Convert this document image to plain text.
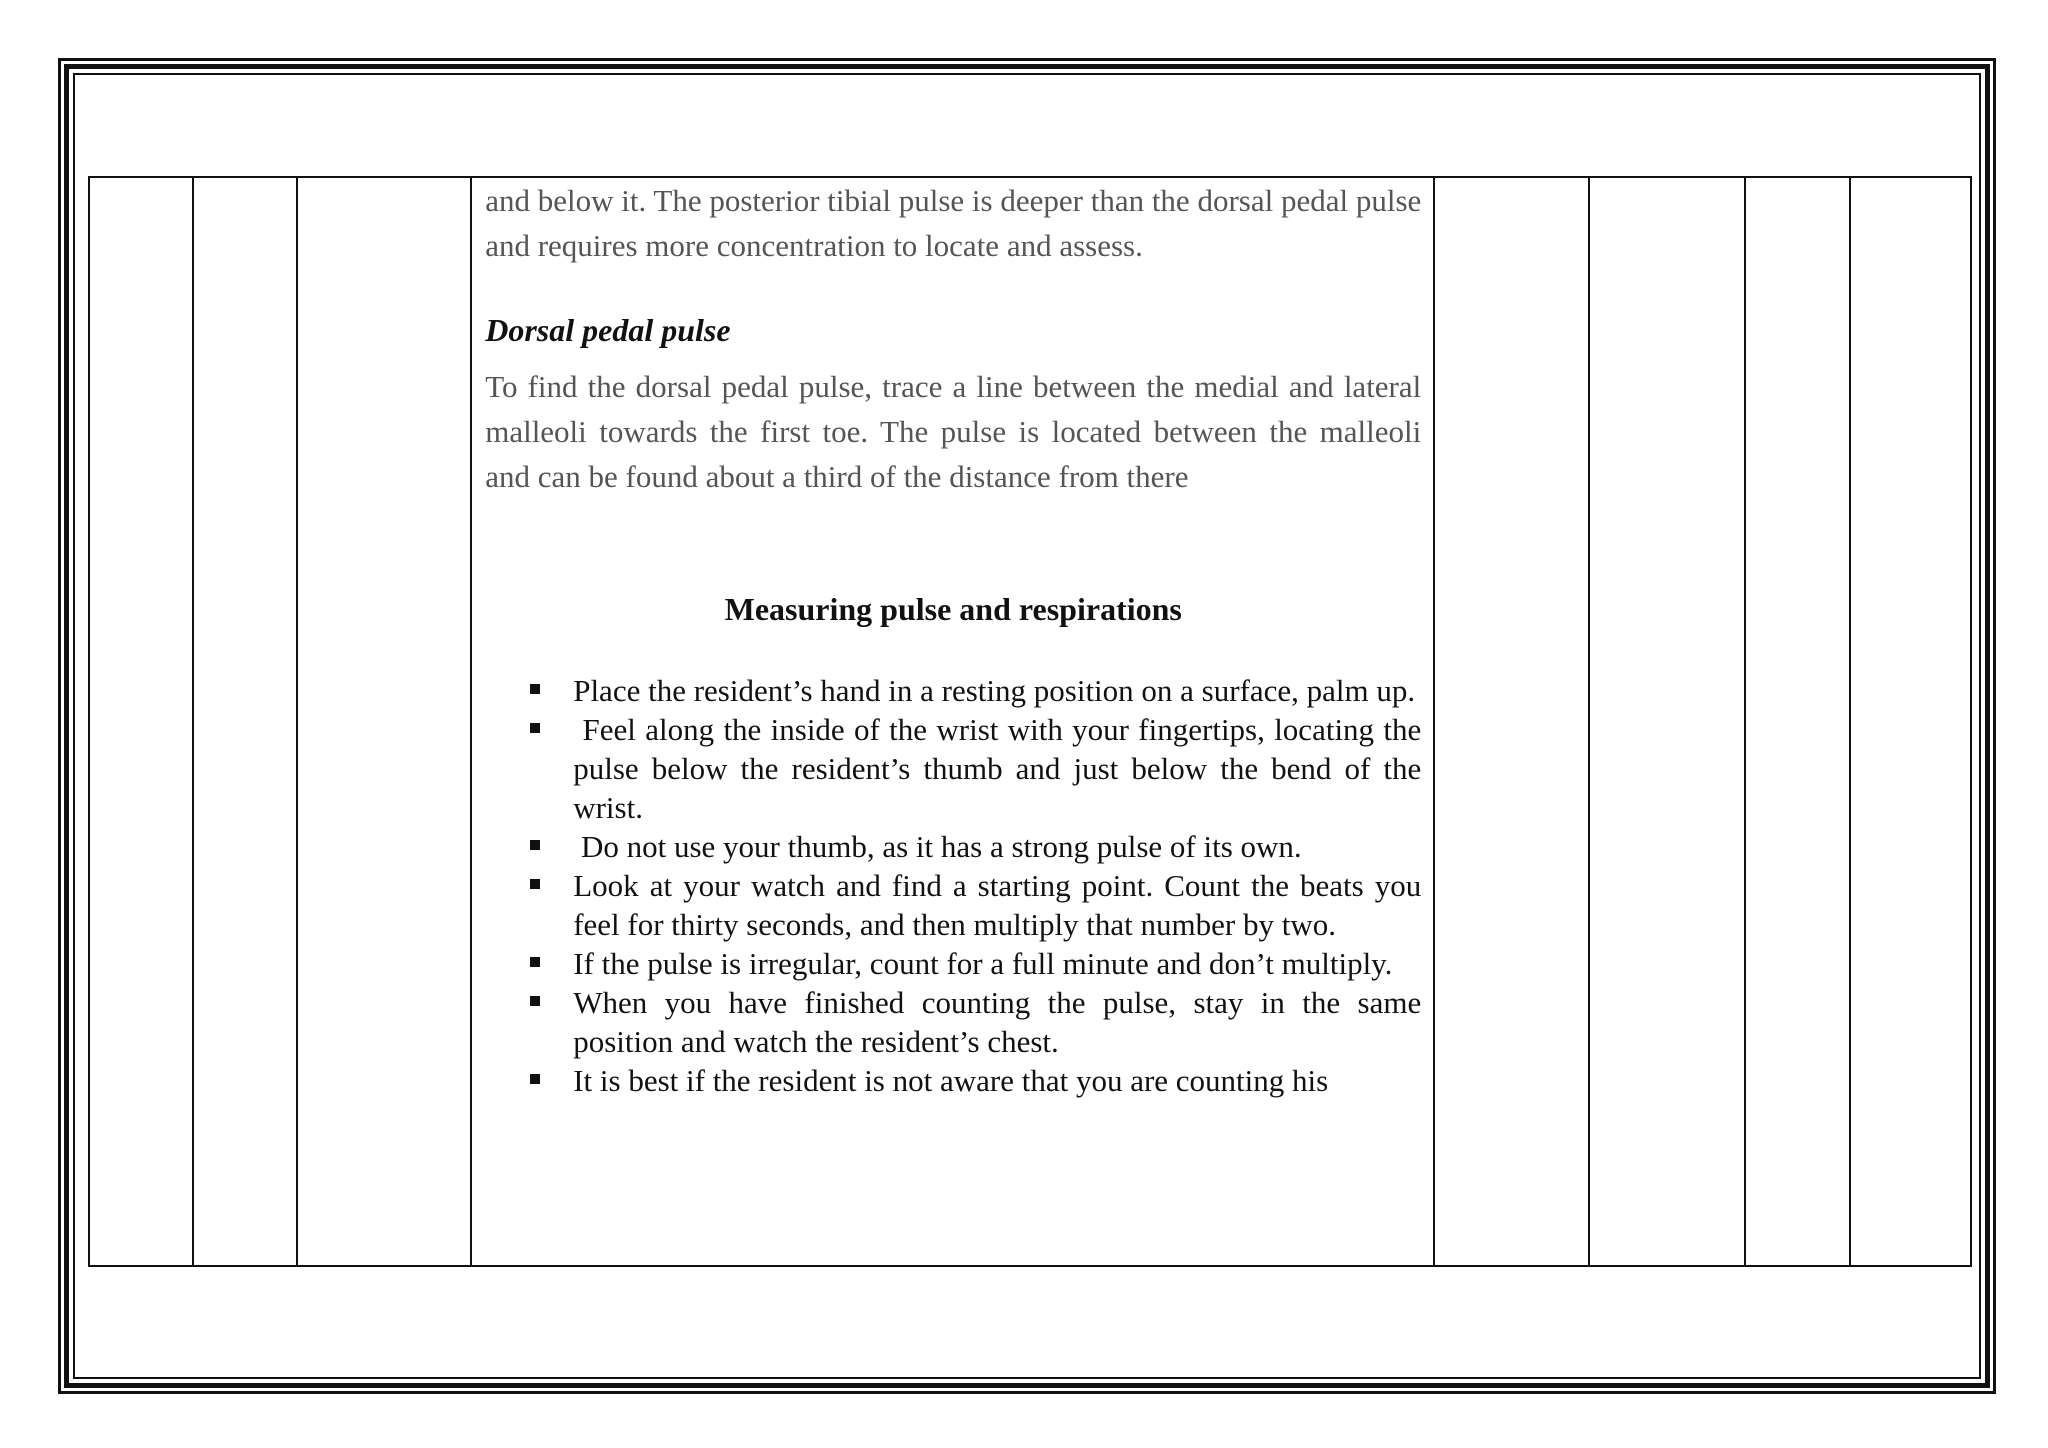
and below it. The posterior tibial pulse is deeper than the dorsal pedal pulse and requires more concentration to locate and assess.

Dorsal pedal pulse

To find the dorsal pedal pulse, trace a line between the medial and lateral malleoli towards the first toe. The pulse is located between the malleoli and can be found about a third of the distance from there

Measuring pulse and respirations
Place the resident’s hand in a resting position on a surface, palm up.
Feel along the inside of the wrist with your fingertips, locating the pulse below the resident’s thumb and just below the bend of the wrist.
Do not use your thumb, as it has a strong pulse of its own.
Look at your watch and find a starting point. Count the beats you feel for thirty seconds, and then multiply that number by two.
If the pulse is irregular, count for a full minute and don’t multiply.
When you have finished counting the pulse, stay in the same position and watch the resident’s chest.
It is best if the resident is not aware that you are counting his
